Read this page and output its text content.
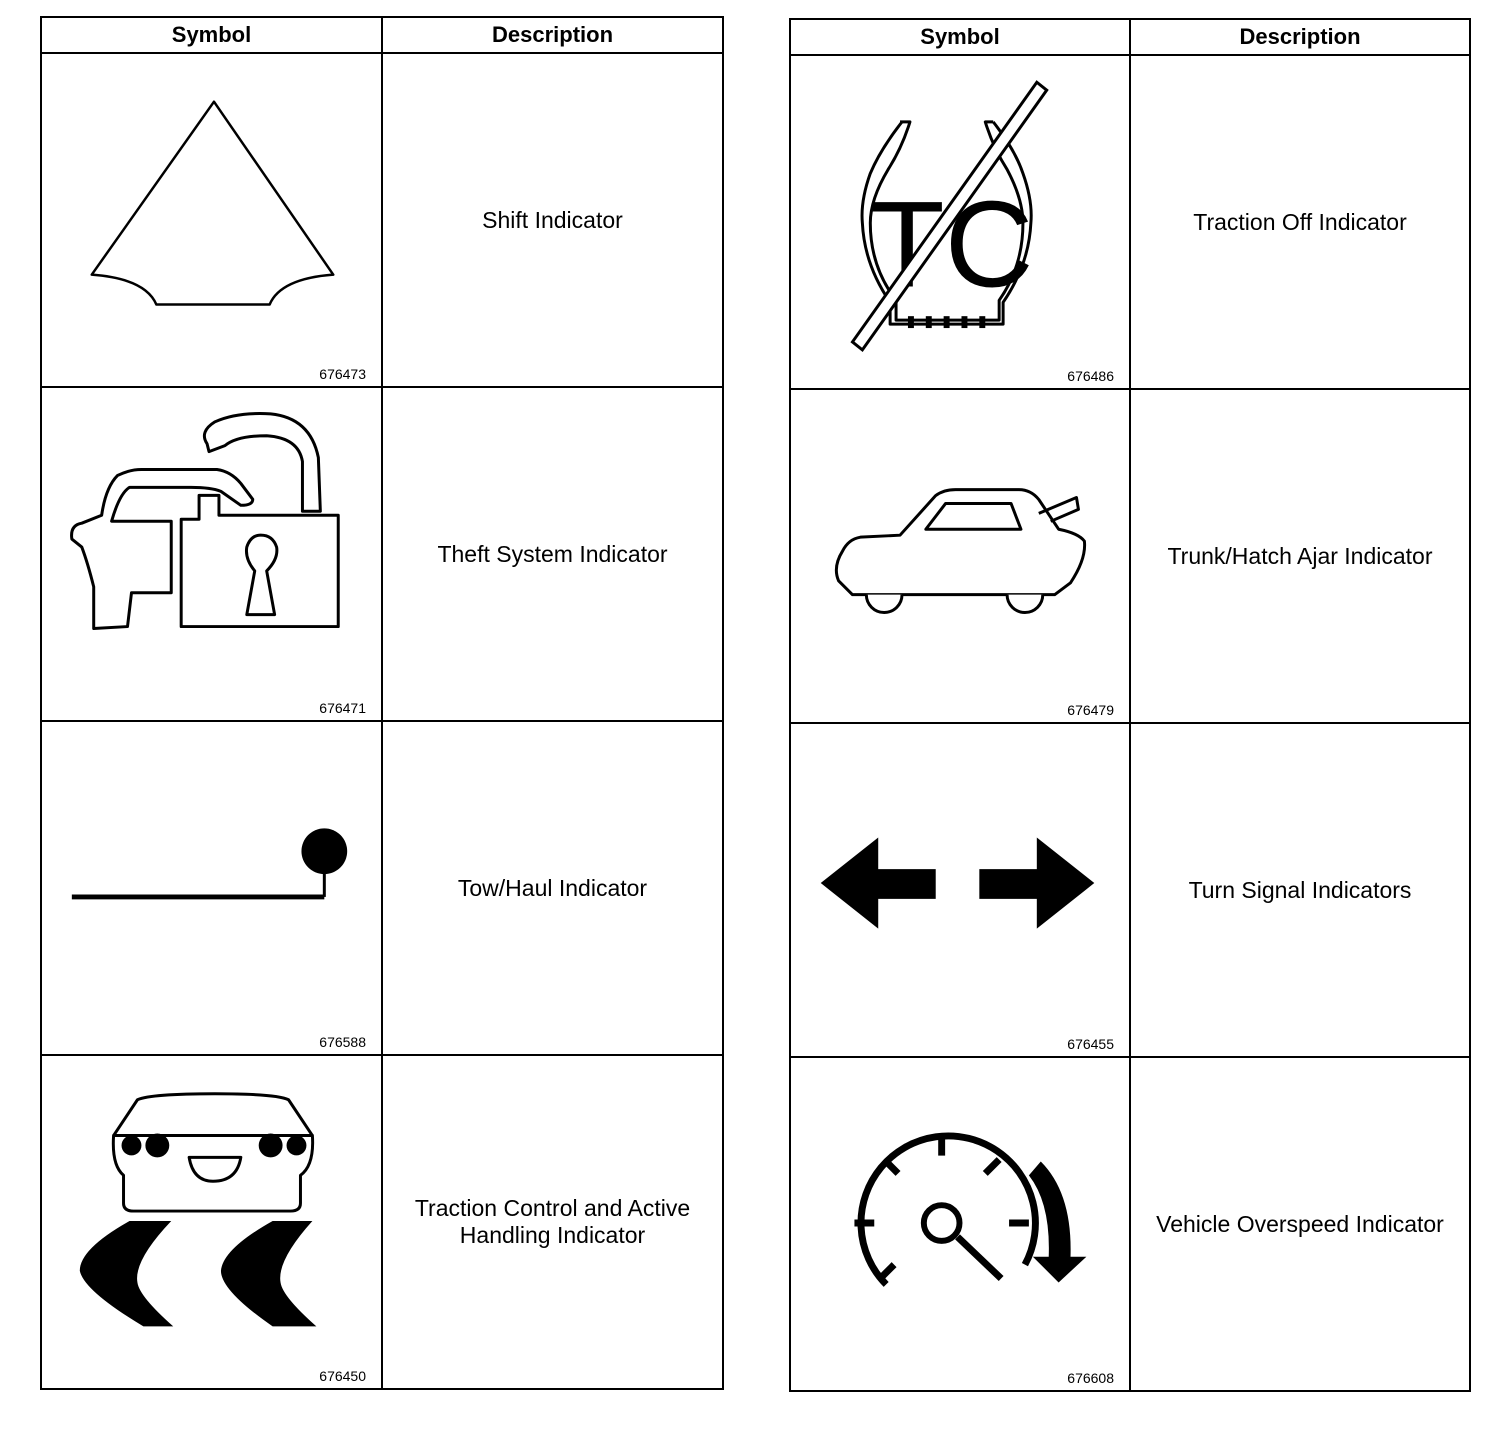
Symbol	Description

676473	Shift Indicator

676471	Theft System Indicator

676588	Tow/Haul Indicator

676450	Traction Control and Active Handling Indicator
Symbol	Description

TC
676486	Traction Off Indicator

676479	Trunk/Hatch Ajar Indicator

676455	Turn Signal Indicators

676608	Vehicle Overspeed Indicator
